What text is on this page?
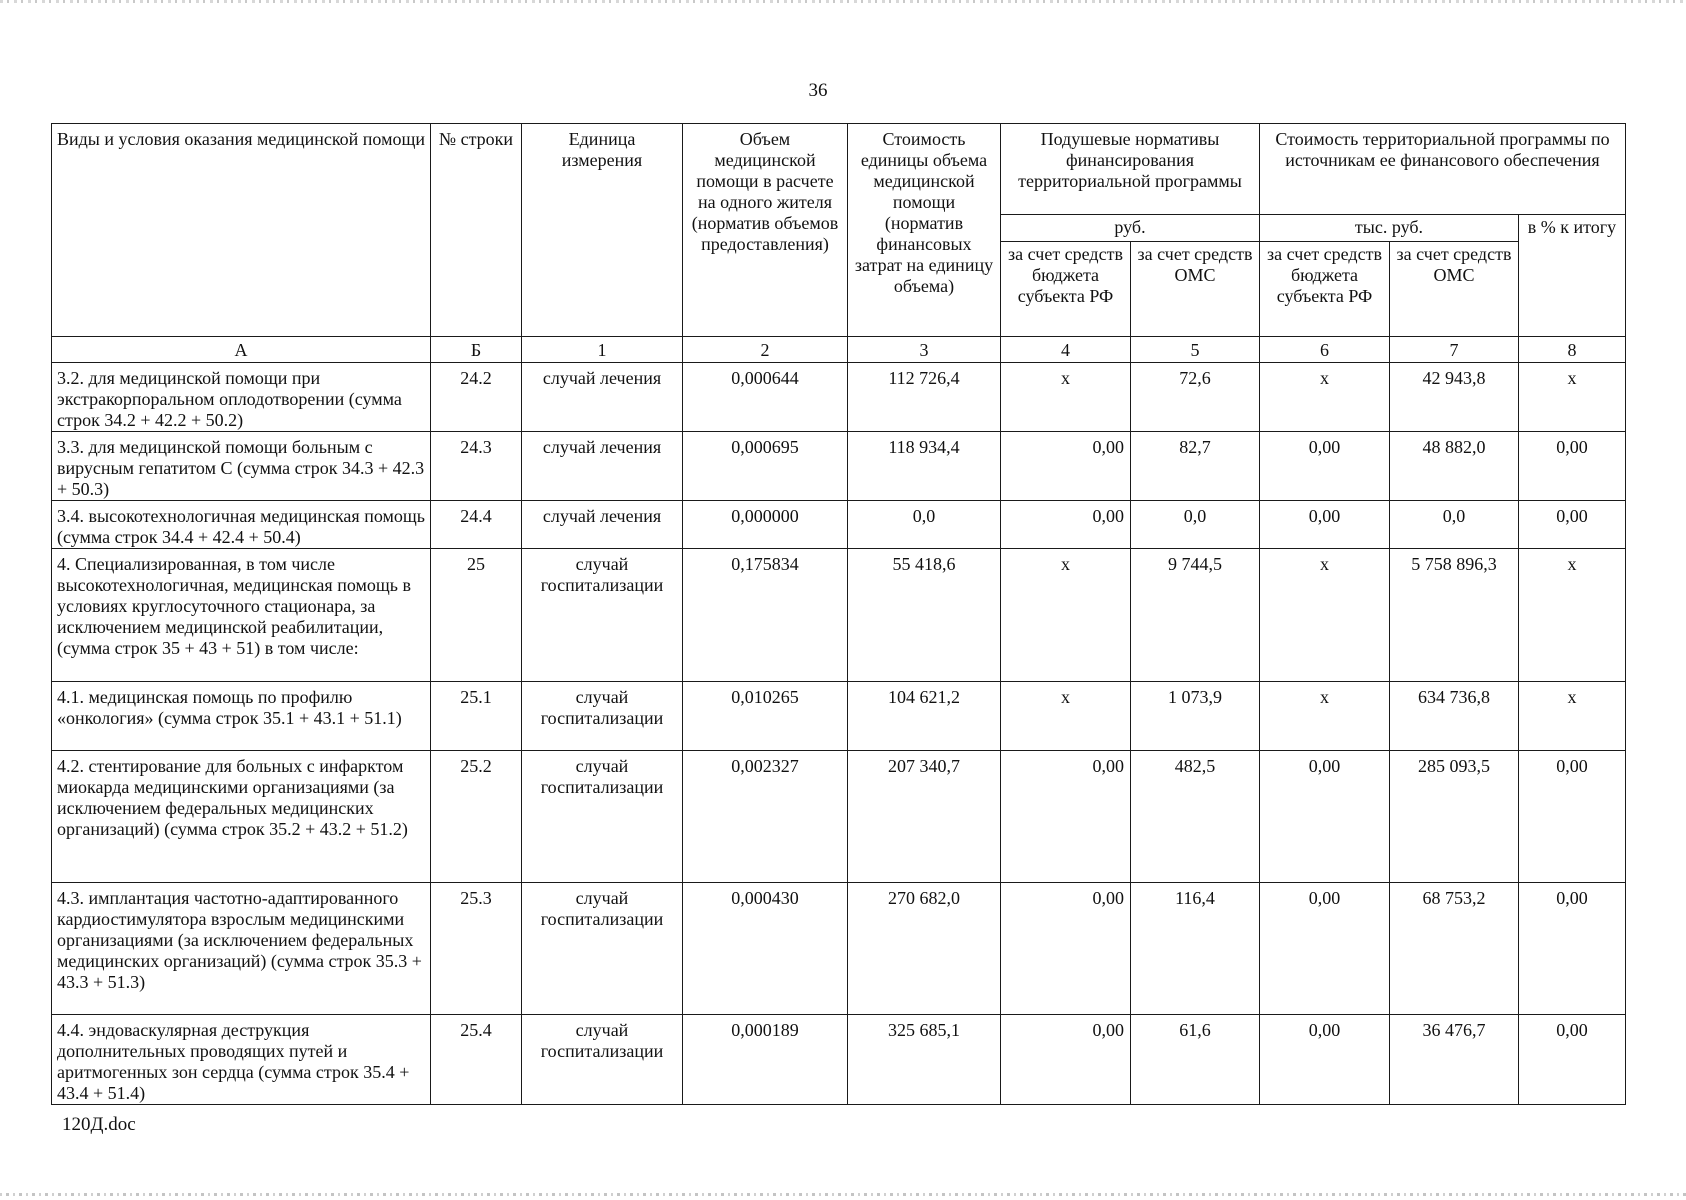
36
Виды и условия оказания медицинской помощи	№ строки	Единица измерения	Объем медицинской помощи в расчете на одного жителя (норматив объемов предоставления)	Стоимость единицы объема медицинской помощи (норматив финансовых затрат на единицу объема)	Подушевые нормативы финансирования территориальной программы		Стоимость территориальной программы по источникам ее финансового обеспечения		
					руб.		тыс. руб.		в % к итогу
					за счет средств бюджета субъекта РФ	за счет средств ОМС	за счет средств бюджета субъекта РФ	за счет средств ОМС	
А	Б	1	2	3	4	5	6	7	8
3.2. для медицинской помощи при экстракорпоральном оплодотворении (сумма строк 34.2 + 42.2 + 50.2)	24.2	случай лечения	0,000644	112 726,4	х	72,6	х	42 943,8	х
3.3. для медицинской помощи больным с вирусным гепатитом С (сумма строк 34.3 + 42.3 + 50.3)	24.3	случай лечения	0,000695	118 934,4	0,00	82,7	0,00	48 882,0	0,00
3.4. высокотехнологичная медицинская помощь (сумма строк 34.4 + 42.4 + 50.4)	24.4	случай лечения	0,000000	0,0	0,00	0,0	0,00	0,0	0,00
4. Специализированная, в том числе высокотехнологичная, медицинская помощь в условиях круглосуточного стационара, за исключением медицинской реабилитации, (сумма строк 35 + 43 + 51) в том числе:	25	случай госпитализации	0,175834	55 418,6	х	9 744,5	х	5 758 896,3	х
4.1. медицинская помощь по профилю «онкология» (сумма строк 35.1 + 43.1 + 51.1)	25.1	случай госпитализации	0,010265	104 621,2	х	1 073,9	х	634 736,8	х
4.2. стентирование для больных с инфарктом миокарда медицинскими организациями (за исключением федеральных медицинских организаций) (сумма строк 35.2 + 43.2 + 51.2)	25.2	случай госпитализации	0,002327	207 340,7	0,00	482,5	0,00	285 093,5	0,00
4.3. имплантация частотно-адаптированного кардиостимулятора взрослым медицинскими организациями (за исключением федеральных медицинских организаций) (сумма строк 35.3 + 43.3 + 51.3)	25.3	случай госпитализации	0,000430	270 682,0	0,00	116,4	0,00	68 753,2	0,00
4.4. эндоваскулярная деструкция дополнительных проводящих путей и аритмогенных зон сердца (сумма строк 35.4 + 43.4 + 51.4)	25.4	случай госпитализации	0,000189	325 685,1	0,00	61,6	0,00	36 476,7	0,00
120Д.doc
